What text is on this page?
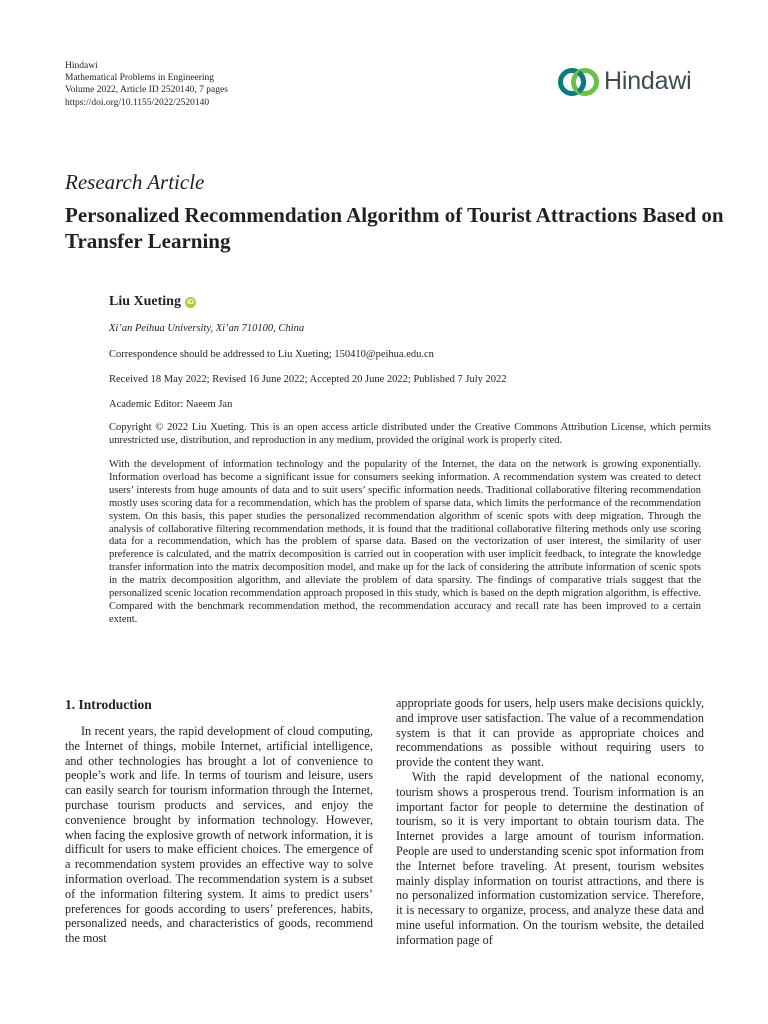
Hindawi
Mathematical Problems in Engineering
Volume 2022, Article ID 2520140, 7 pages
https://doi.org/10.1155/2022/2520140
Hindawi
Research Article
Personalized Recommendation Algorithm of Tourist Attractions Based on Transfer Learning
Liu Xueting iD
Xi’an Peihua University, Xi’an 710100, China
Correspondence should be addressed to Liu Xueting; 150410@peihua.edu.cn
Received 18 May 2022; Revised 16 June 2022; Accepted 20 June 2022; Published 7 July 2022
Academic Editor: Naeem Jan
Copyright © 2022 Liu Xueting. This is an open access article distributed under the Creative Commons Attribution License, which permits unrestricted use, distribution, and reproduction in any medium, provided the original work is properly cited.
With the development of information technology and the popularity of the Internet, the data on the network is growing exponentially. Information overload has become a significant issue for consumers seeking information. A recommendation system was created to detect users’ interests from huge amounts of data and to suit users’ specific information needs. Traditional collaborative filtering recommendation mostly uses scoring data for a recommendation, which has the problem of sparse data, which limits the performance of the recommendation system. On this basis, this paper studies the personalized recommendation algorithm of scenic spots with deep migration. Through the analysis of collaborative filtering recommendation methods, it is found that the traditional collaborative filtering methods only use scoring data for a recommendation, which has the problem of sparse data. Based on the vectorization of user interest, the similarity of user preference is calculated, and the matrix decomposition is carried out in cooperation with user implicit feedback, to integrate the knowledge transfer information into the matrix decomposition model, and make up for the lack of considering the attribute information of scenic spots in the matrix decomposition algorithm, and alleviate the problem of data sparsity. The findings of comparative trials suggest that the personalized scenic location recommendation approach proposed in this study, which is based on the depth migration algorithm, is effective. Compared with the benchmark recommendation method, the recommendation accuracy and recall rate has been improved to a certain extent.
1. Introduction

In recent years, the rapid development of cloud computing, the Internet of things, mobile Internet, artificial intelligence, and other technologies has brought a lot of convenience to people’s work and life. In terms of tourism and leisure, users can easily search for tourism information through the Internet, purchase tourism products and services, and enjoy the convenience brought by information technology. However, when facing the explosive growth of network information, it is difficult for users to make efficient choices. The emergence of a recommendation system provides an effective way to solve information overload. The recommendation system is a subset of the information filtering system. It aims to predict users’ preferences for goods according to users’ preferences, habits, personalized needs, and characteristics of goods, recommend the most

appropriate goods for users, help users make decisions quickly, and improve user satisfaction. The value of a recommendation system is that it can provide as appropriate choices and recommendations as possible without requiring users to provide the content they want.

With the rapid development of the national economy, tourism shows a prosperous trend. Tourism information is an important factor for people to determine the destination of tourism, so it is very important to obtain tourism data. The Internet provides a large amount of tourism information. People are used to understanding scenic spot information from the Internet before traveling. At present, tourism websites mainly display information on tourist attractions, and there is no personalized information customization service. Therefore, it is necessary to organize, process, and analyze these data and mine useful information. On the tourism website, the detailed information page of
